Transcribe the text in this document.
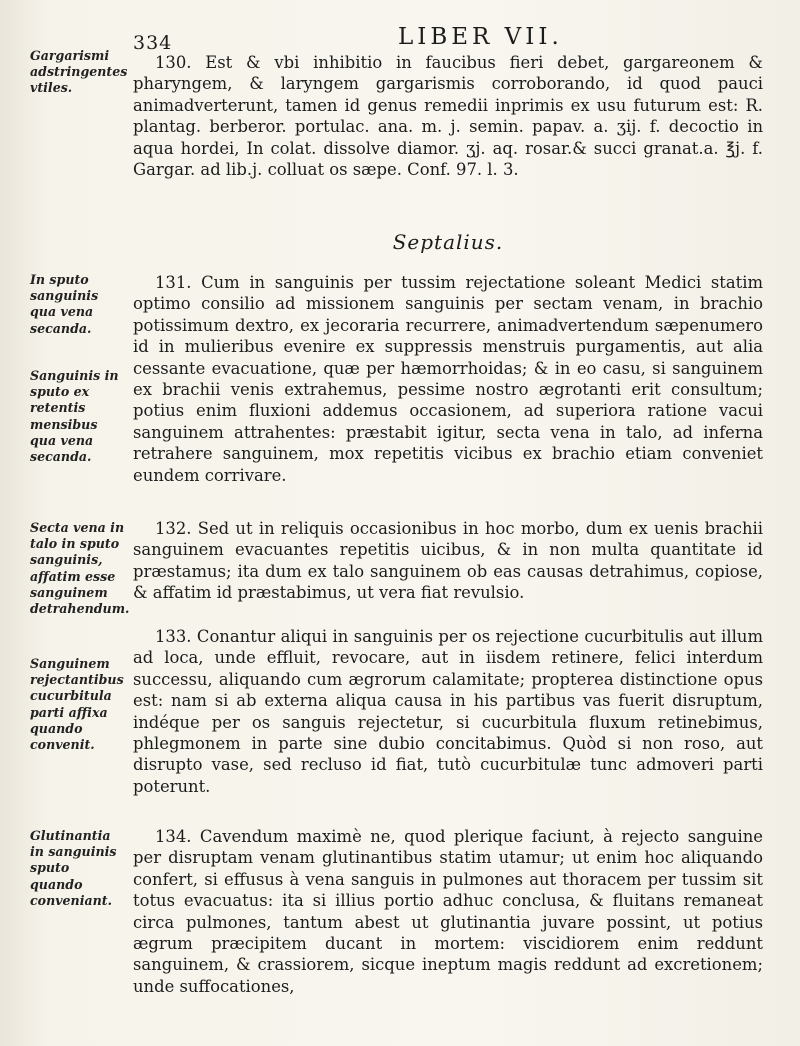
334	LIBER VII.

Gargarismi adstringentes vtiles.

In sputo sanguinis qua vena secanda.

Sanguinis in sputo ex retentis mensibus qua vena secanda.

Secta vena in talo in sputo sanguinis, affatim esse sanguinem detrahendum.

Sanguinem rejectantibus cucurbitula parti affixa quando convenit.

Glutinantia in sanguinis sputo quando conveniant.

130. Est & vbi inhibitio in faucibus fieri debet, gargareonem & pharyngem, & laryngem gargarismis corroborando, id quod pauci animadverterunt, tamen id genus remedii inprimis ex usu futurum est: R. plantag. berberor. portulac. ana. m. j. semin. papav. a. ʒij. f. decoctio in aqua hordei, In colat. dissolve diamor. ʒj. aq. rosar.& succi granat.a. ℥j. f. Gargar. ad lib.j. colluat os sæpe. Conf. 97. l. 3.

Septalius.

131. Cum in sanguinis per tussim rejectatione soleant Medici statim optimo consilio ad missionem sanguinis per sectam venam, in brachio potissimum dextro, ex jecoraria recurrere, animadvertendum sæpenumero id in mulieribus evenire ex suppressis menstruis purgamentis, aut alia cessante evacuatione, quæ per hæmorrhoidas; & in eo casu, si sanguinem ex brachii venis extrahemus, pessime nostro ægrotanti erit consultum; potius enim fluxioni addemus occasionem, ad superiora ratione vacui sanguinem attrahentes: præstabit igitur, secta vena in talo, ad inferna retrahere sanguinem, mox repetitis vicibus ex brachio etiam conveniet eundem corrivare.

132. Sed ut in reliquis occasionibus in hoc morbo, dum ex uenis brachii sanguinem evacuantes repetitis uicibus, & in non multa quantitate id præstamus; ita dum ex talo sanguinem ob eas causas detrahimus, copiose, & affatim id præstabimus, ut vera fiat revulsio.

133. Conantur aliqui in sanguinis per os rejectione cucurbitulis aut illum ad loca, unde effluit, revocare, aut in iisdem retinere, felici interdum successu, aliquando cum ægrorum calamitate; propterea distinctione opus est: nam si ab externa aliqua causa in his partibus vas fuerit disruptum, indéque per os sanguis rejectetur, si cucurbitula fluxum retinebimus, phlegmonem in parte sine dubio concitabimus. Quòd si non roso, aut disrupto vase, sed recluso id fiat, tutò cucurbitulæ tunc admoveri parti poterunt.

134. Cavendum maximè ne, quod plerique faciunt, à rejecto sanguine per disruptam venam glutinantibus statim utamur; ut enim hoc aliquando confert, si effusus à vena sanguis in pulmones aut thoracem per tussim sit totus evacuatus: ita si illius portio adhuc conclusa, & fluitans remaneat circa pulmones, tantum abest ut glutinantia juvare possint, ut potius ægrum præcipitem ducant in mortem: viscidiorem enim reddunt sanguinem, & crassiorem, sicque ineptum magis reddunt ad excretionem; unde suffocationes,
